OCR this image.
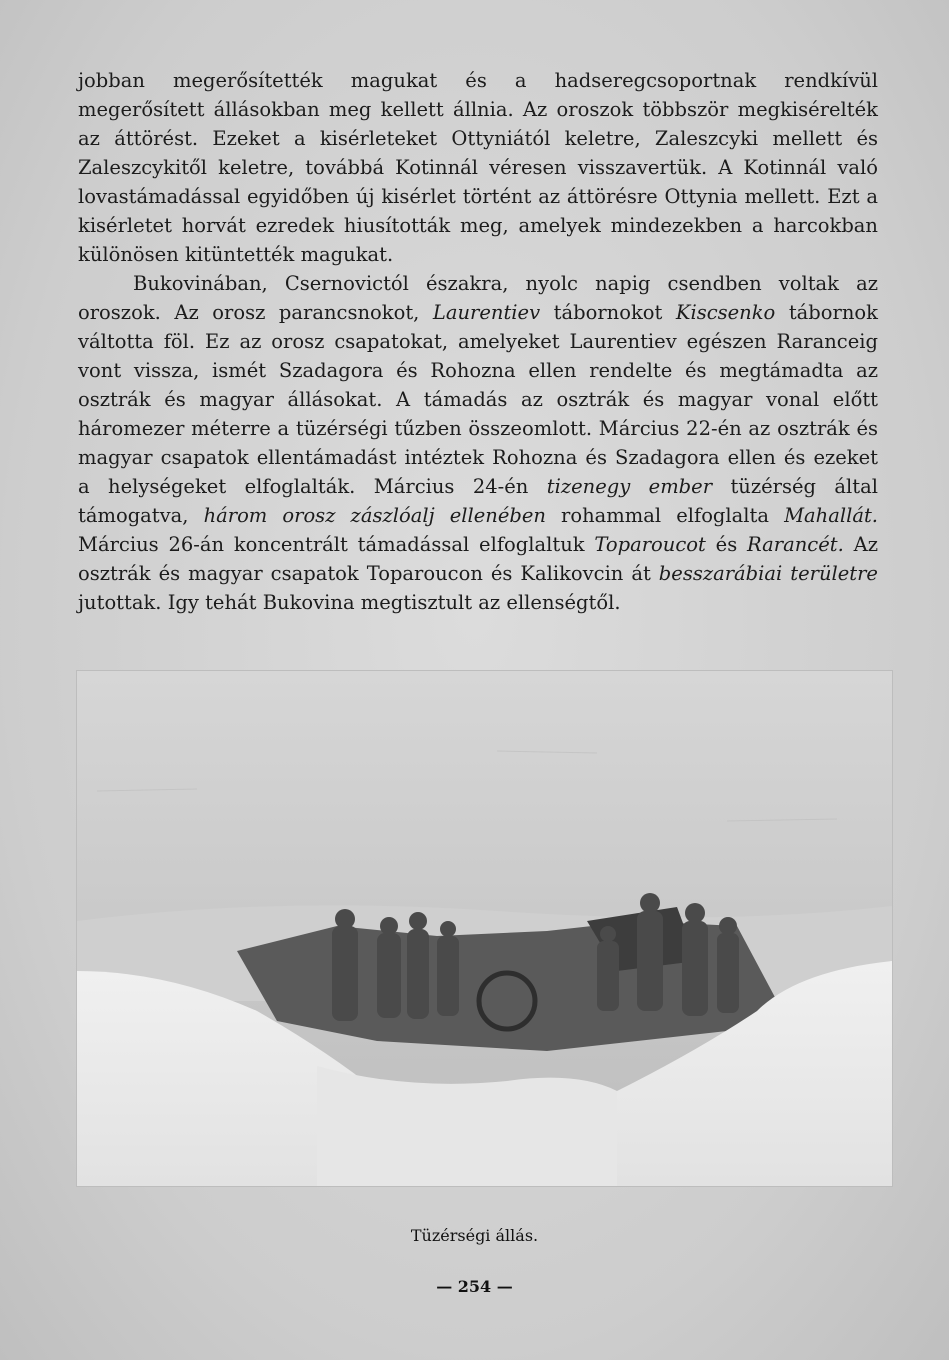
jobban megerősítették magukat és a hadseregcsoportnak rendkívül megerősített állásokban meg kellett állnia. Az oroszok többször megkisérelték az áttörést. Ezeket a kisérleteket Ottyniától keletre, Zaleszcyki mellett és Zaleszcykitől keletre, továbbá Kotinnál véresen visszavertük. A Kotinnál való lovastámadással egyidőben új kisérlet történt az áttörésre Ottynia mellett. Ezt a kisérletet horvát ezredek hiusították meg, amelyek mindezekben a harcokban különösen kitüntették magukat.

Bukovinában, Csernovictól északra, nyolc napig csendben voltak az oroszok. Az orosz parancsnokot, Laurentiev tábornokot Kiscsenko tábornok váltotta föl. Ez az orosz csapatokat, amelyeket Laurentiev egészen Raranceig vont vissza, ismét Szadagora és Rohozna ellen rendelte és megtámadta az osztrák és magyar állásokat. A támadás az osztrák és magyar vonal előtt háromezer méterre a tüzérségi tűzben összeomlott. Március 22-én az osztrák és magyar csapatok ellentámadást intéztek Rohozna és Szadagora ellen és ezeket a helységeket elfoglalták. Március 24-én tizenegy ember tüzérség által támogatva, három orosz zászlóalj ellenében rohammal elfoglalta Mahallát. Március 26-án koncentrált támadással elfoglaltuk Toparoucot és Rarancét. Az osztrák és magyar csapatok Toparoucon és Kalikovcin át besszarábiai területre jutottak. Igy tehát Bukovina megtisztult az ellenségtől.

Tüzérségi állás.
— 254 —
